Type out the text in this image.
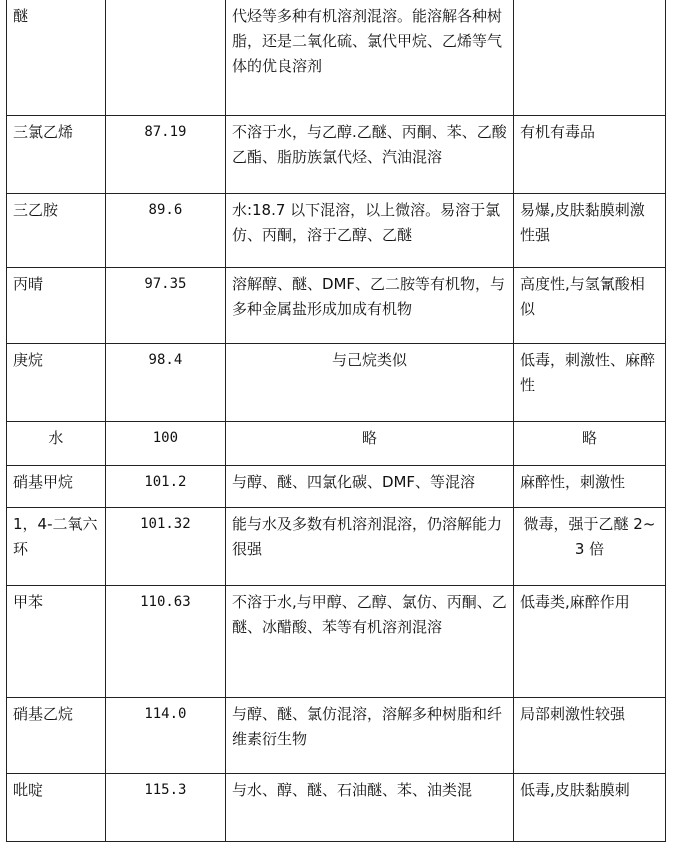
醚		代烃等多种有机溶剂混溶。能溶解各种树脂，还是二氧化硫、氯代甲烷、乙烯等气体的优良溶剂	
三氯乙烯	87.19	不溶于水，与乙醇.乙醚、丙酮、苯、乙酸乙酯、脂肪族氯代烃、汽油混溶	有机有毒品
三乙胺	89.6	水:18.7 以下混溶，以上微溶。易溶于氯仿、丙酮，溶于乙醇、乙醚	易爆,皮肤黏膜刺激性强
丙晴	97.35	溶解醇、醚、DMF、乙二胺等有机物，与多种金属盐形成加成有机物	高度性,与氢氰酸相似
庚烷	98.4	与己烷类似	低毒，刺激性、麻醉性
水	100	略	略
硝基甲烷	101.2	与醇、醚、四氯化碳、DMF、等混溶	麻醉性，刺激性
1，4-二氧六环	101.32	能与水及多数有机溶剂混溶，仍溶解能力很强	微毒，强于乙醚 2~3 倍
甲苯	110.63	不溶于水,与甲醇、乙醇、氯仿、丙酮、乙醚、冰醋酸、苯等有机溶剂混溶	低毒类,麻醉作用
硝基乙烷	114.0	与醇、醚、氯仿混溶，溶解多种树脂和纤维素衍生物	局部刺激性较强
吡啶	115.3	与水、醇、醚、石油醚、苯、油类混	低毒,皮肤黏膜刺
